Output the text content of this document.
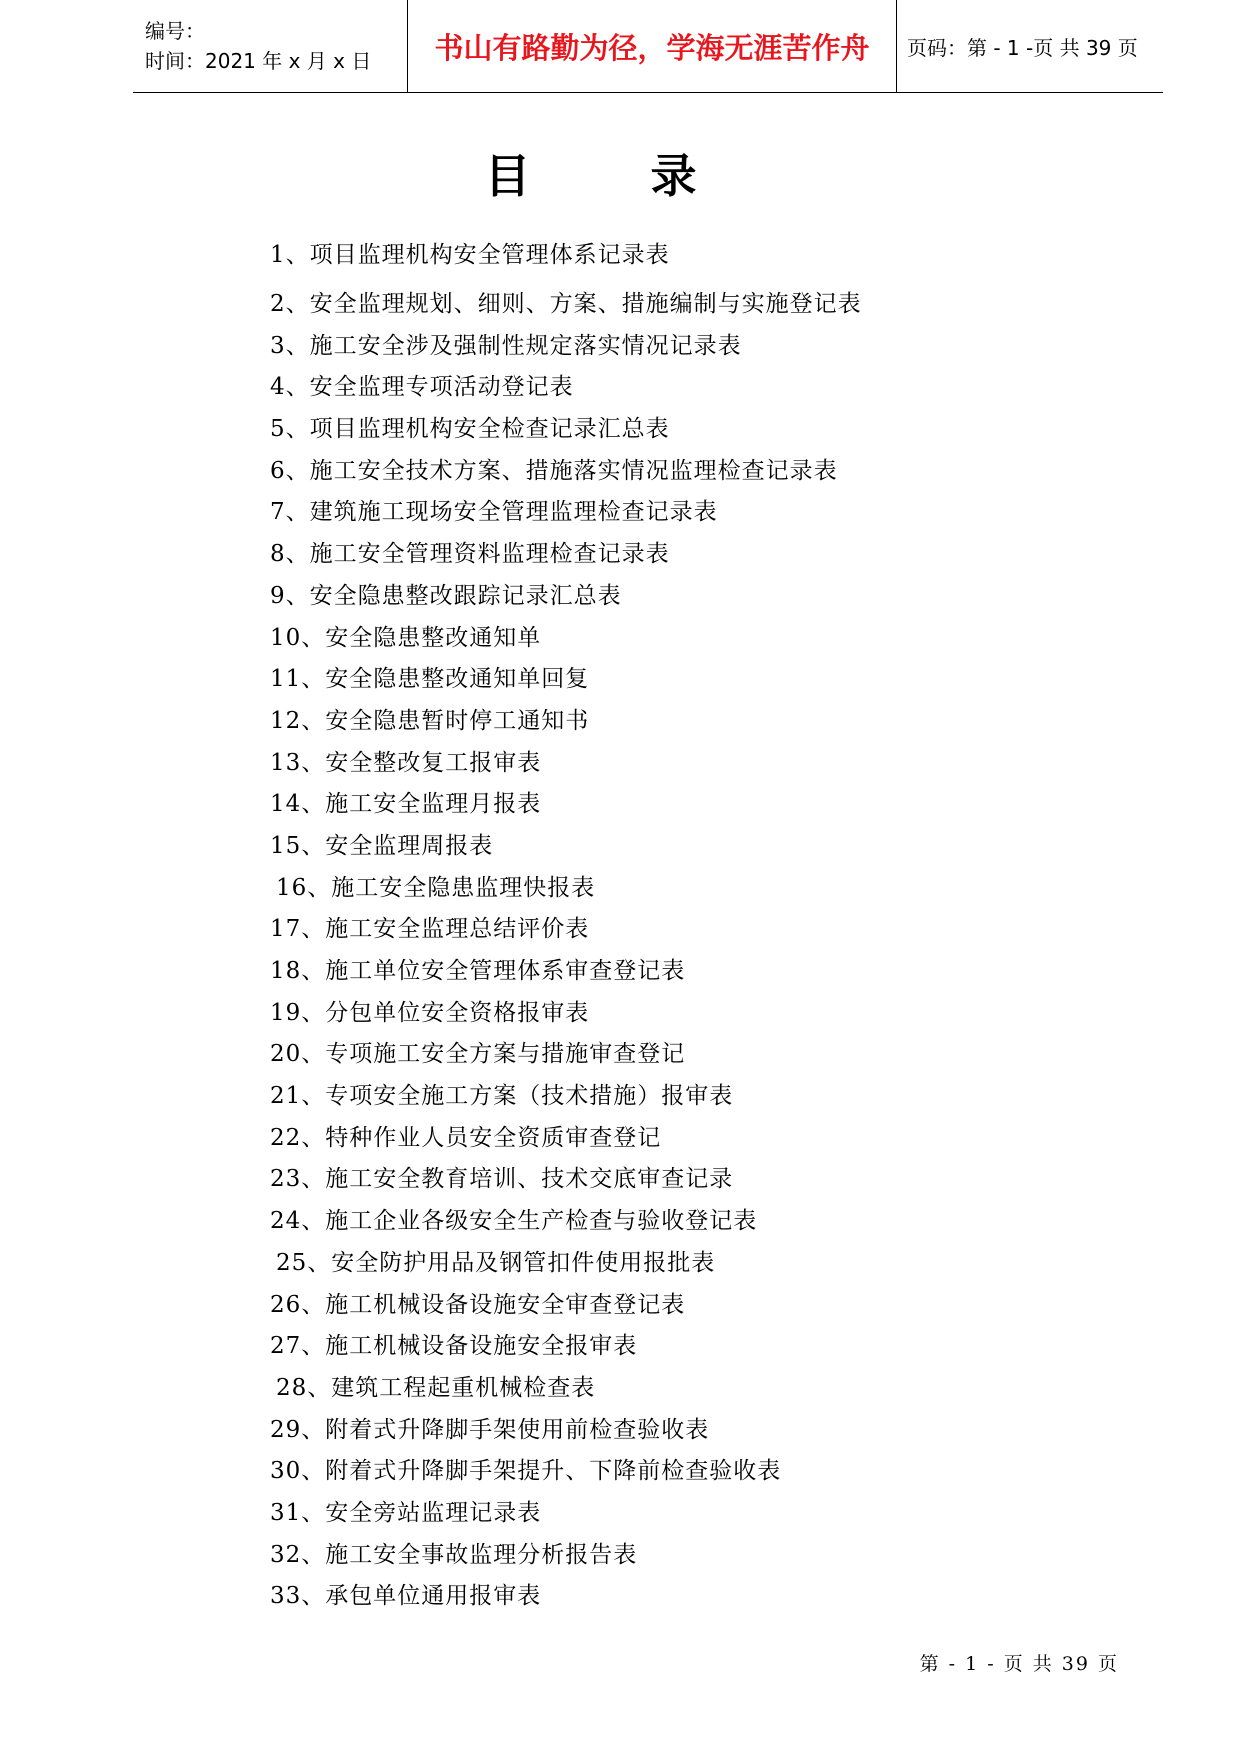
编号：
时间：2021 年 x 月 x 日	书山有路勤为径，学海无涯苦作舟	页码：第 - 1 -页 共 39 页
目录
1、项目监理机构安全管理体系记录表
2、安全监理规划、细则、方案、措施编制与实施登记表
3、施工安全涉及强制性规定落实情况记录表
4、安全监理专项活动登记表
5、项目监理机构安全检查记录汇总表
6、施工安全技术方案、措施落实情况监理检查记录表
7、建筑施工现场安全管理监理检查记录表
8、施工安全管理资料监理检查记录表
9、安全隐患整改跟踪记录汇总表
10、安全隐患整改通知单
11、安全隐患整改通知单回复
12、安全隐患暂时停工通知书
13、安全整改复工报审表
14、施工安全监理月报表
15、安全监理周报表
16、施工安全隐患监理快报表
17、施工安全监理总结评价表
18、施工单位安全管理体系审查登记表
19、分包单位安全资格报审表
20、专项施工安全方案与措施审查登记
21、专项安全施工方案（技术措施）报审表
22、特种作业人员安全资质审查登记
23、施工安全教育培训、技术交底审查记录
24、施工企业各级安全生产检查与验收登记表
25、安全防护用品及钢管扣件使用报批表
26、施工机械设备设施安全审查登记表
27、施工机械设备设施安全报审表
28、建筑工程起重机械检查表
29、附着式升降脚手架使用前检查验收表
30、附着式升降脚手架提升、下降前检查验收表
31、安全旁站监理记录表
32、施工安全事故监理分析报告表
33、承包单位通用报审表
第 - 1 - 页 共 39 页
